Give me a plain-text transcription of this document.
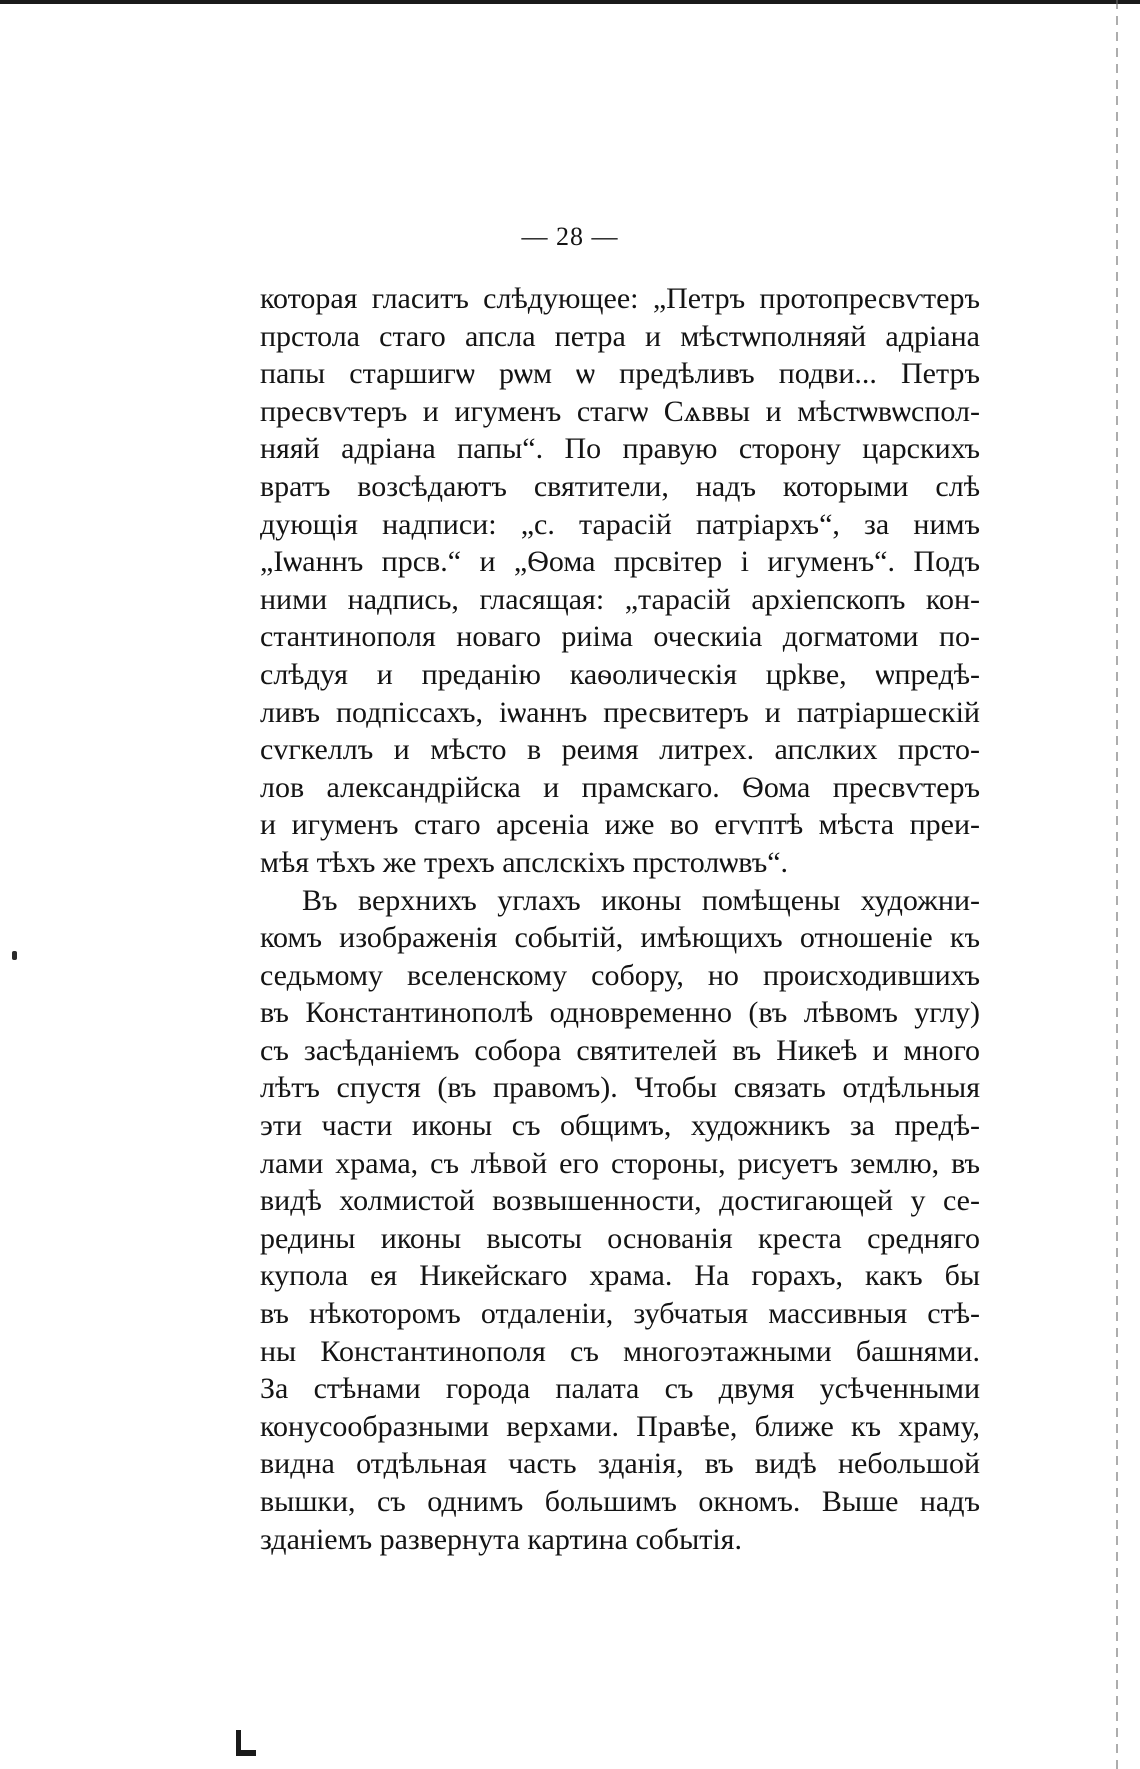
— 28 —

которая гласитъ слѣдующее: „Петръ протопресвѵтеръ

прстола стаго апсла петра и мѣстѡполняяй адріана

папы старшигѡ рѡм ѡ предѣливъ подви... Петръ

пресвѵтеръ и игуменъ стагѡ Сѧввы и мѣстѡвѡспол-

няяй адріана папы“. По правую сторону царскихъ

вратъ возсѣдаютъ святители, надъ которыми слѣ

дующія надписи: „с. тарасій патріархъ“, за нимъ

„Іѡаннъ прсв.“ и „Ѳома прсвітер і игуменъ“. Подъ

ними надпись, гласящая: „тарасій архіепскопъ кон-

стантинополя новаго риіма оческиіа догматоми по-

слѣдуя и преданію каѳолическія црkве, ѡпредѣ-

ливъ подпіссахъ, іѡаннъ пресвитеръ и патріаршескій

сvгкеллъ и мѣсто в реимя литрех. апслких прсто-

лов александрійска и прамскаго. Ѳома пресвѵтеръ

и игуменъ стаго арсеніа иже во егѵптѣ мѣста преи-

мѣя тѣхъ же трехъ апслскіхъ прстолѡвъ“.

Въ верхнихъ углахъ иконы помѣщены художни-

комъ изображенія событій, имѣющихъ отношеніе къ

седьмому вселенскому собору, но происходившихъ

въ Константинополѣ одновременно (въ лѣвомъ углу)

съ засѣданіемъ собора святителей въ Никеѣ и много

лѣтъ спустя (въ правомъ). Чтобы связать отдѣльныя

эти части иконы съ общимъ, художникъ за предѣ-

лами храма, съ лѣвой его стороны, рисуетъ землю, въ

видѣ холмистой возвышенности, достигающей у се-

редины иконы высоты основанія креста средняго

купола ея Никейскаго храма. На горахъ, какъ бы

въ нѣкоторомъ отдаленіи, зубчатыя массивныя стѣ-

ны Константинополя съ многоэтажными башнями.

За стѣнами города палата съ двумя усѣченными

конусообразными верхами. Правѣе, ближе къ храму,

видна отдѣльная часть зданія, въ видѣ небольшой

вышки, съ однимъ большимъ окномъ. Выше надъ

зданіемъ развернута картина событія.
